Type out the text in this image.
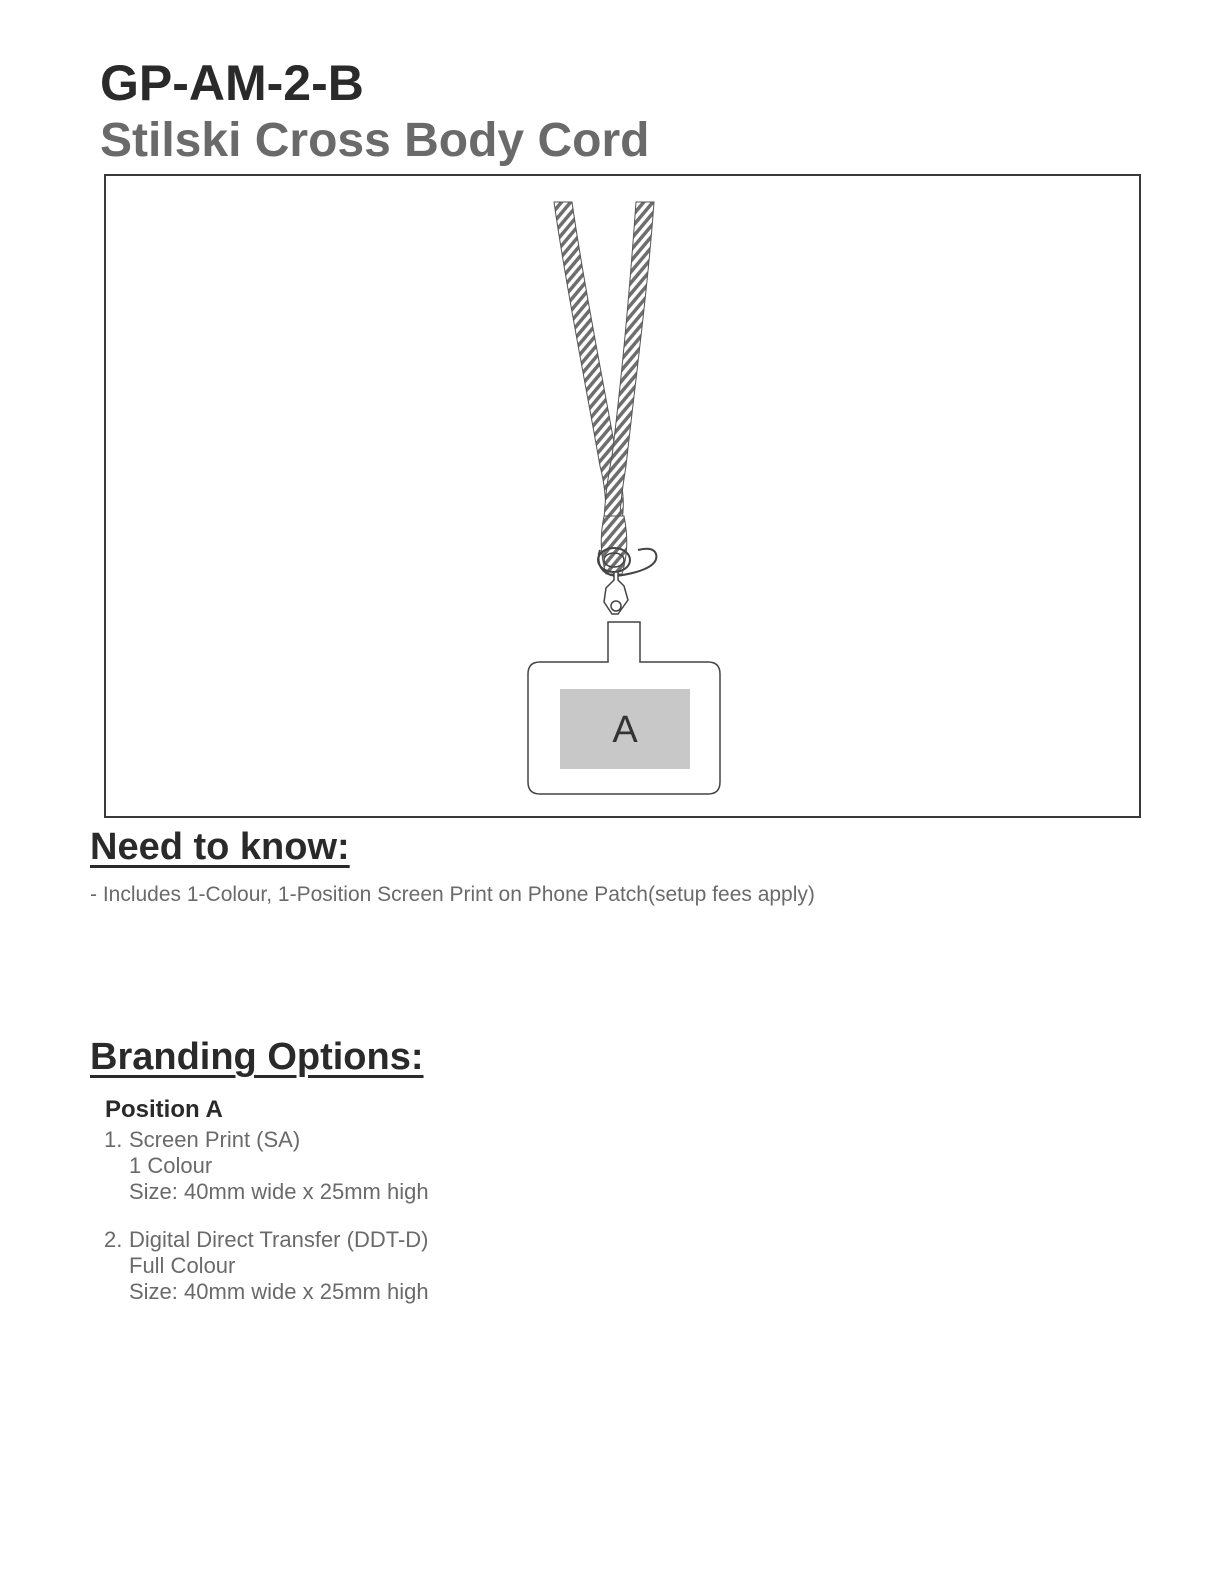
GP-AM-2-B
Stilski Cross Body Cord
A
Need to know:

- Includes 1-Colour, 1-Position Screen Print on Phone Patch(setup fees apply)

Branding Options:

Position A

1. Screen Print (SA)
1 Colour
Size: 40mm wide x 25mm high
2. Digital Direct Transfer (DDT-D)
Full Colour
Size: 40mm wide x 25mm high
